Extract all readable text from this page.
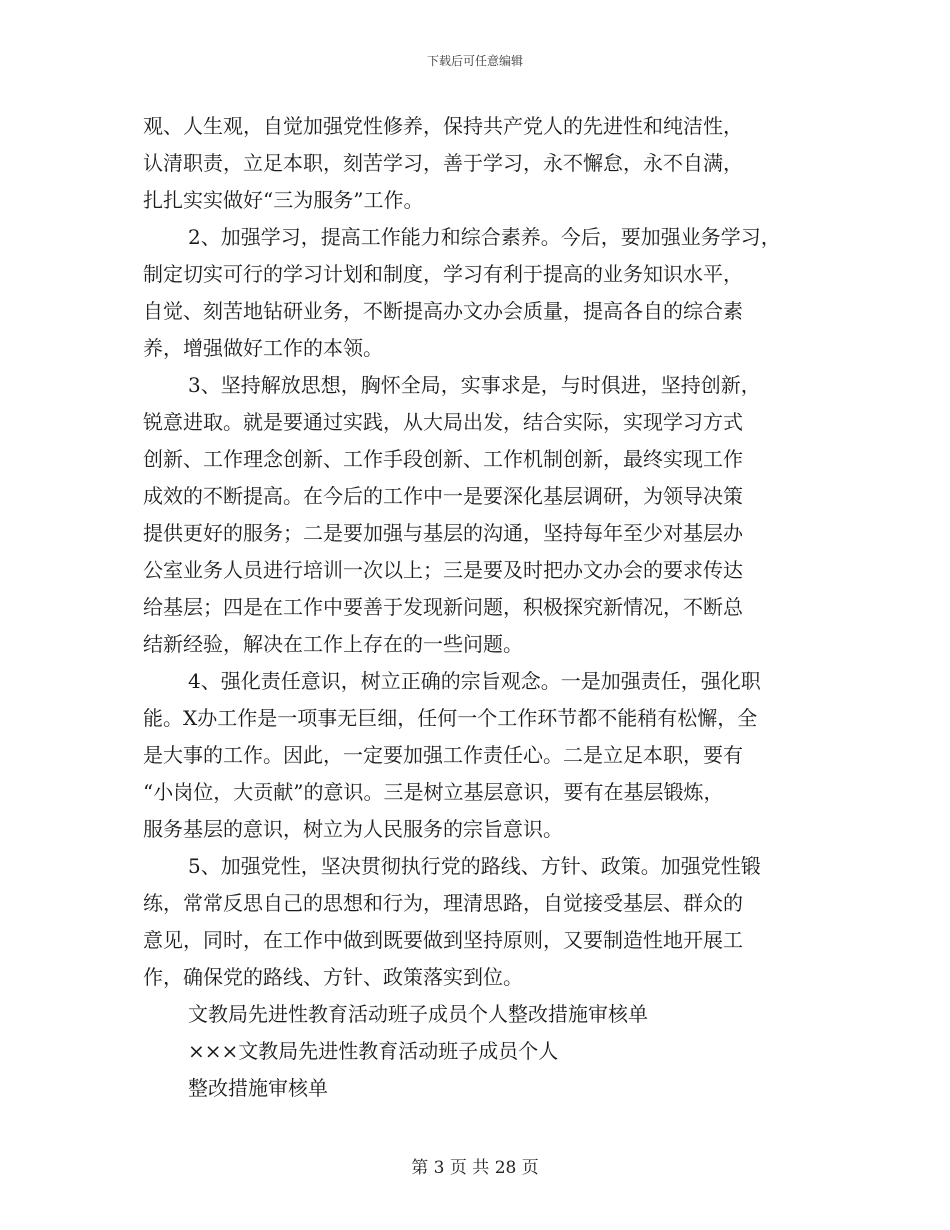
下载后可任意编辑
观、人生观，自觉加强党性修养，保持共产党人的先进性和纯洁性，
认清职责，立足本职，刻苦学习，善于学习，永不懈怠，永不自满，
扎扎实实做好“三为服务”工作。
2、加强学习，提高工作能力和综合素养。今后，要加强业务学习，
制定切实可行的学习计划和制度，学习有利于提高的业务知识水平，
自觉、刻苦地钻研业务，不断提高办文办会质量，提高各自的综合素
养，增强做好工作的本领。
3、坚持解放思想，胸怀全局，实事求是，与时俱进，坚持创新，
锐意进取。就是要通过实践，从大局出发，结合实际，实现学习方式
创新、工作理念创新、工作手段创新、工作机制创新，最终实现工作
成效的不断提高。在今后的工作中一是要深化基层调研，为领导决策
提供更好的服务；二是要加强与基层的沟通，坚持每年至少对基层办
公室业务人员进行培训一次以上；三是要及时把办文办会的要求传达
给基层；四是在工作中要善于发现新问题，积极探究新情况，不断总
结新经验，解决在工作上存在的一些问题。
4、强化责任意识，树立正确的宗旨观念。一是加强责任，强化职
能。X办工作是一项事无巨细，任何一个工作环节都不能稍有松懈，全
是大事的工作。因此，一定要加强工作责任心。二是立足本职，要有
“小岗位，大贡献”的意识。三是树立基层意识，要有在基层锻炼，
服务基层的意识，树立为人民服务的宗旨意识。
5、加强党性，坚决贯彻执行党的路线、方针、政策。加强党性锻
练，常常反思自己的思想和行为，理清思路，自觉接受基层、群众的
意见，同时，在工作中做到既要做到坚持原则，又要制造性地开展工
作，确保党的路线、方针、政策落实到位。
文教局先进性教育活动班子成员个人整改措施审核单
×××文教局先进性教育活动班子成员个人
整改措施审核单
第 3 页 共 28 页
